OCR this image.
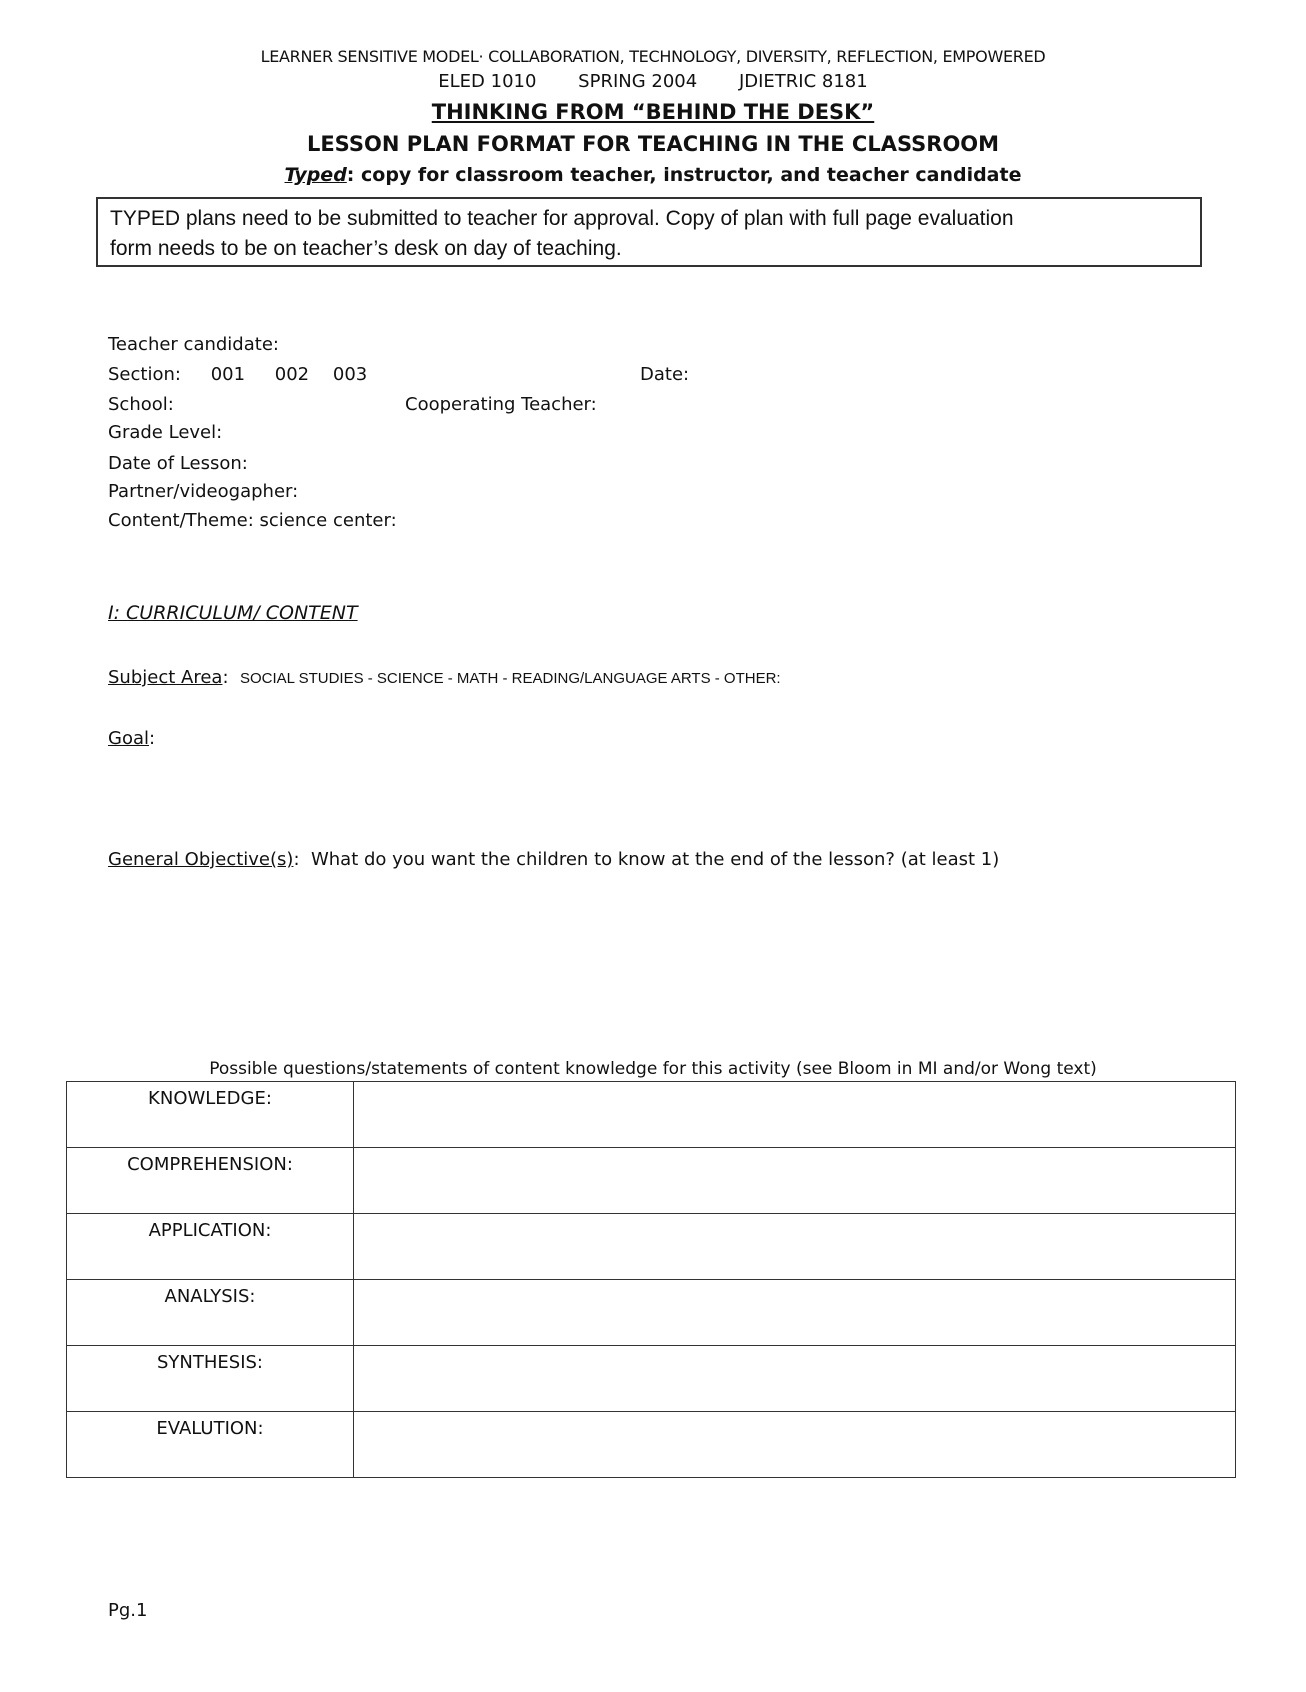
LEARNER SENSITIVE MODEL· COLLABORATION, TECHNOLOGY, DIVERSITY, REFLECTION, EMPOWERED
ELED 1010 SPRING 2004 JDIETRIC 8181
THINKING FROM “BEHIND THE DESK”
LESSON PLAN FORMAT FOR TEACHING IN THE CLASSROOM
Typed: copy for classroom teacher, instructor, and teacher candidate
TYPED plans need to be submitted to teacher for approval. Copy of plan with full page evaluation
form needs to be on teacher’s desk on day of teaching.
Teacher candidate:
Section: 001 002 003	Date:
School:	Cooperating Teacher:
Grade Level:
Date of Lesson:
Partner/videogapher:
Content/Theme: science center:
I: CURRICULUM/ CONTENT
Subject Area:  SOCIAL STUDIES - SCIENCE - MATH - READING/LANGUAGE ARTS - OTHER:
Goal:
General Objective(s):  What do you want the children to know at the end of the lesson? (at least 1)
Possible questions/statements of content knowledge for this activity (see Bloom in MI and/or Wong text)
KNOWLEDGE:	
COMPREHENSION:	
APPLICATION:	
ANALYSIS:	
SYNTHESIS:	
EVALUTION:	
Pg.1
